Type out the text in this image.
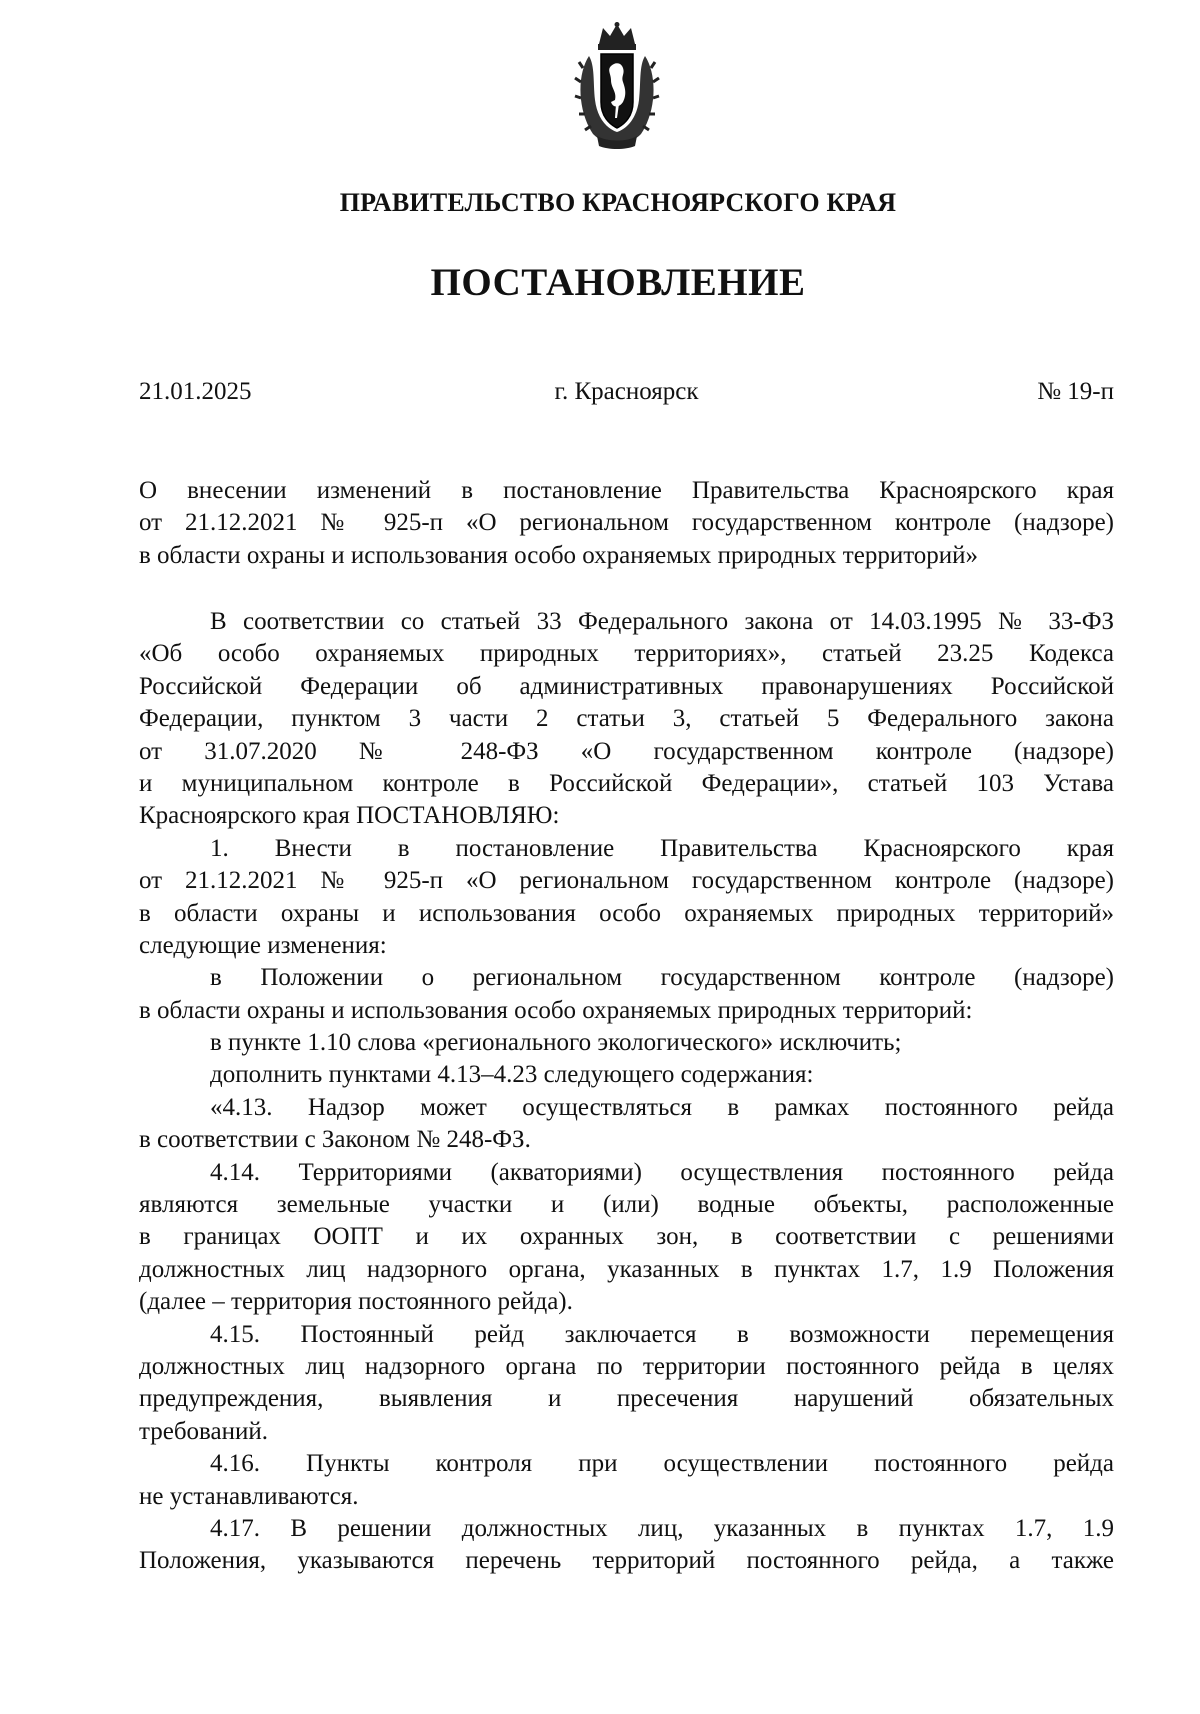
ПРАВИТЕЛЬСТВО КРАСНОЯРСКОГО КРАЯ
ПОСТАНОВЛЕНИЕ
21.01.2025	г. Красноярск	№ 19-п
О внесении изменений в постановление Правительства Красноярского края
от 21.12.2021 № 925-п «О региональном государственном контроле (надзоре)
в области охраны и использования особо охраняемых природных территорий»
В соответствии со статьей 33 Федерального закона от 14.03.1995 № 33-ФЗ
«Об особо охраняемых природных территориях», статьей 23.25 Кодекса
Российской Федерации об административных правонарушениях Российской
Федерации, пунктом 3 части 2 статьи 3, статьей 5 Федерального закона
от 31.07.2020 № 248-ФЗ «О государственном контроле (надзоре)
и муниципальном контроле в Российской Федерации», статьей 103 Устава
Красноярского края ПОСТАНОВЛЯЮ:
1. Внести в постановление Правительства Красноярского края
от 21.12.2021 № 925-п «О региональном государственном контроле (надзоре)
в области охраны и использования особо охраняемых природных территорий»
следующие изменения:
в Положении о региональном государственном контроле (надзоре)
в области охраны и использования особо охраняемых природных территорий:
в пункте 1.10 слова «регионального экологического» исключить;
дополнить пунктами 4.13–4.23 следующего содержания:
«4.13. Надзор может осуществляться в рамках постоянного рейда
в соответствии с Законом № 248-ФЗ.
4.14. Территориями (акваториями) осуществления постоянного рейда
являются земельные участки и (или) водные объекты, расположенные
в границах ООПТ и их охранных зон, в соответствии с решениями
должностных лиц надзорного органа, указанных в пунктах 1.7, 1.9 Положения
(далее – территория постоянного рейда).
4.15. Постоянный рейд заключается в возможности перемещения
должностных лиц надзорного органа по территории постоянного рейда в целях
предупреждения, выявления и пресечения нарушений обязательных
требований.
4.16. Пункты контроля при осуществлении постоянного рейда
не устанавливаются.
4.17. В решении должностных лиц, указанных в пунктах 1.7, 1.9
Положения, указываются перечень территорий постоянного рейда, а также
